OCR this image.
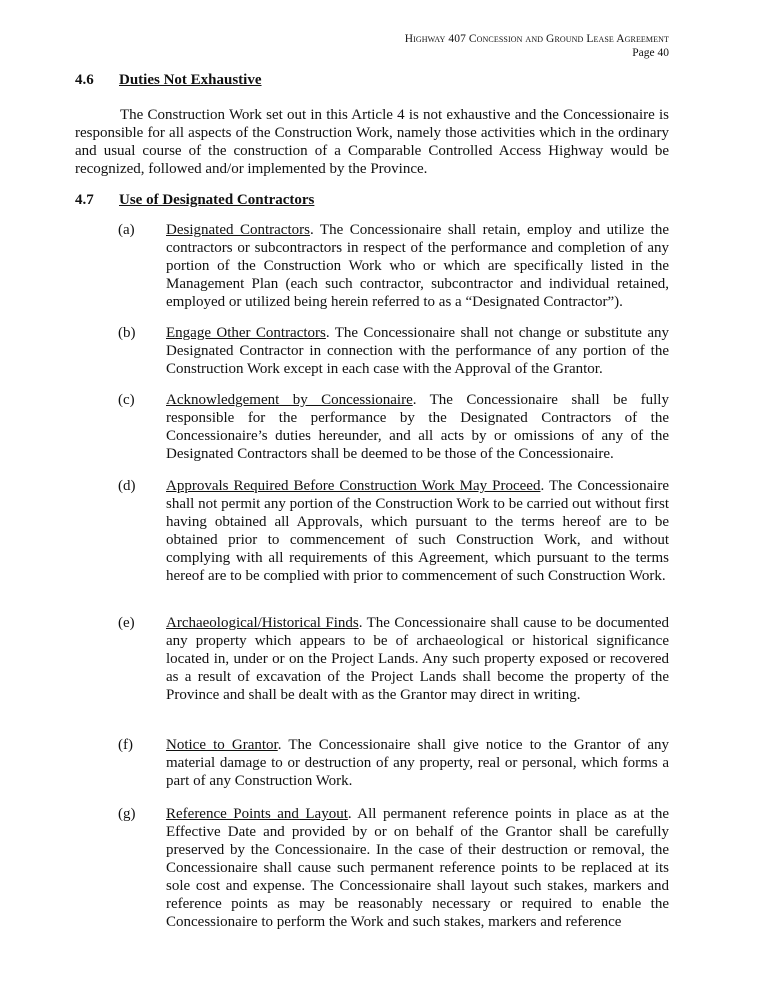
Highway 407 Concession and Ground Lease Agreement
Page 40
4.6 Duties Not Exhaustive

The Construction Work set out in this Article 4 is not exhaustive and the Concessionaire is responsible for all aspects of the Construction Work, namely those activities which in the ordinary and usual course of the construction of a Comparable Controlled Access Highway would be recognized, followed and/or implemented by the Province.

4.7 Use of Designated Contractors
(a) Designated Contractors. The Concessionaire shall retain, employ and utilize the contractors or subcontractors in respect of the performance and completion of any portion of the Construction Work who or which are specifically listed in the Management Plan (each such contractor, subcontractor and individual retained, employed or utilized being herein referred to as a “Designated Contractor”).
(b) Engage Other Contractors. The Concessionaire shall not change or substitute any Designated Contractor in connection with the performance of any portion of the Construction Work except in each case with the Approval of the Grantor.
(c) Acknowledgement by Concessionaire. The Concessionaire shall be fully responsible for the performance by the Designated Contractors of the Concessionaire’s duties hereunder, and all acts by or omissions of any of the Designated Contractors shall be deemed to be those of the Concessionaire.
(d) Approvals Required Before Construction Work May Proceed. The Concessionaire shall not permit any portion of the Construction Work to be carried out without first having obtained all Approvals, which pursuant to the terms hereof are to be obtained prior to commencement of such Construction Work, and without complying with all requirements of this Agreement, which pursuant to the terms hereof are to be complied with prior to commencement of such Construction Work.
(e) Archaeological/Historical Finds. The Concessionaire shall cause to be documented any property which appears to be of archaeological or historical significance located in, under or on the Project Lands. Any such property exposed or recovered as a result of excavation of the Project Lands shall become the property of the Province and shall be dealt with as the Grantor may direct in writing.
(f) Notice to Grantor. The Concessionaire shall give notice to the Grantor of any material damage to or destruction of any property, real or personal, which forms a part of any Construction Work.
(g) Reference Points and Layout. All permanent reference points in place as at the Effective Date and provided by or on behalf of the Grantor shall be carefully preserved by the Concessionaire. In the case of their destruction or removal, the Concessionaire shall cause such permanent reference points to be replaced at its sole cost and expense. The Concessionaire shall layout such stakes, markers and reference points as may be reasonably necessary or required to enable the Concessionaire to perform the Work and such stakes, markers and reference
